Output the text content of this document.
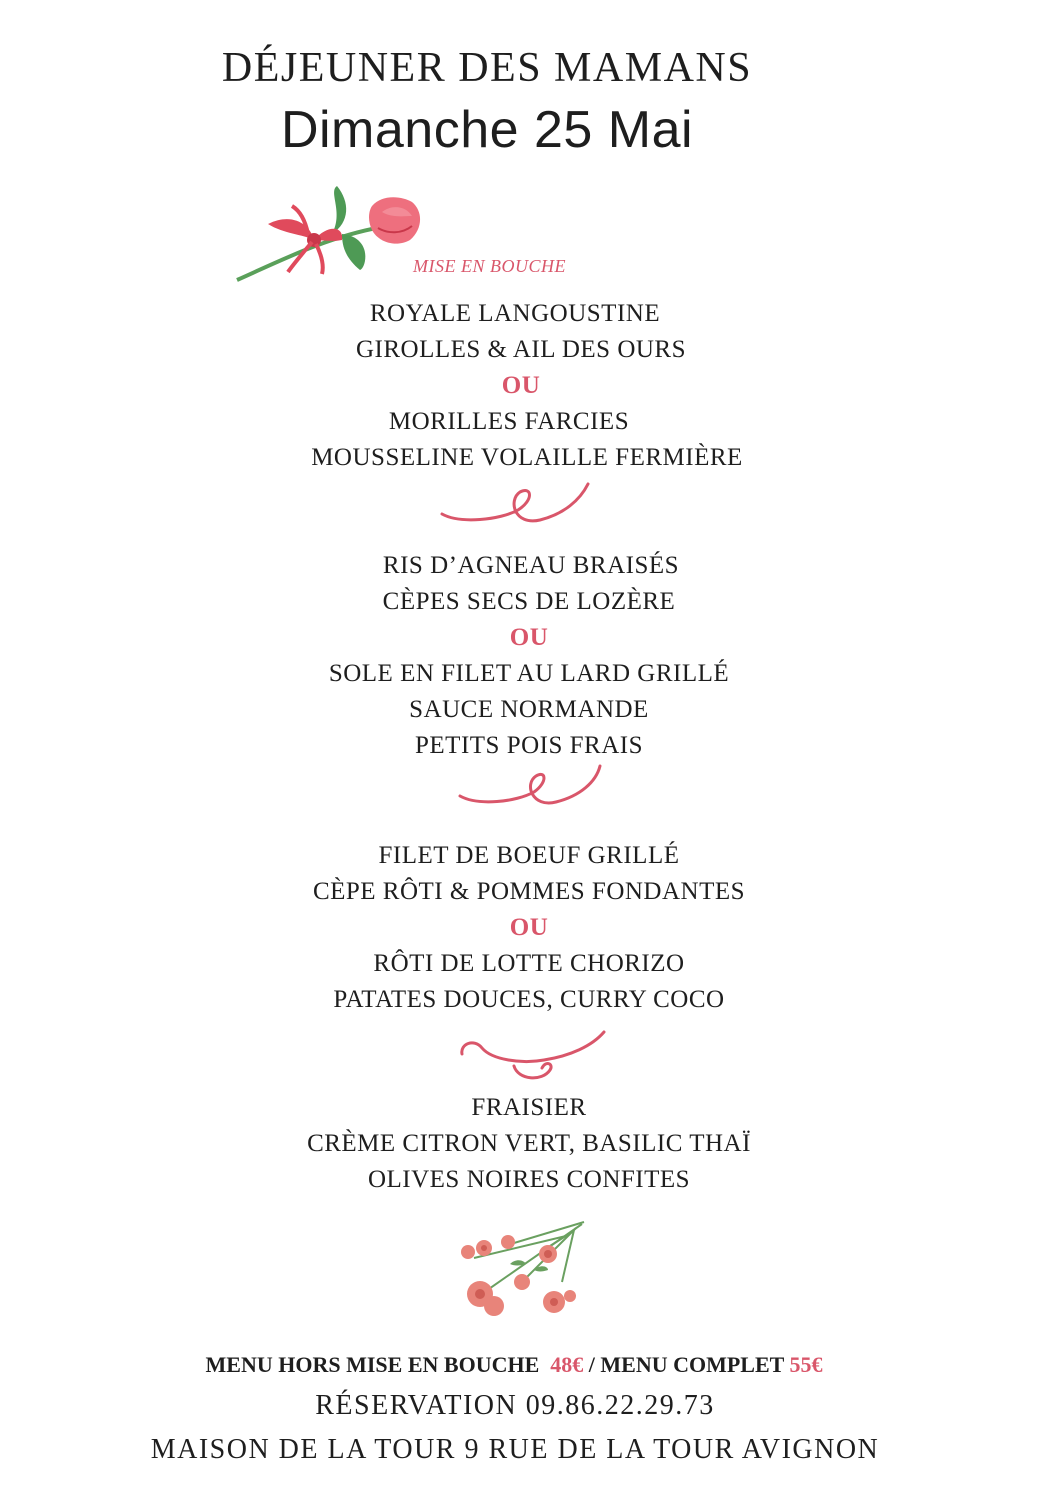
DÉJEUNER DES MAMANS
Dimanche 25 Mai
MISE EN BOUCHE
ROYALE LANGOUSTINE
GIROLLES & AIL DES OURS
OU
MORILLES FARCIES
MOUSSELINE VOLAILLE FERMIÈRE
RIS D’AGNEAU BRAISÉS
CÈPES SECS DE LOZÈRE
OU
SOLE EN FILET AU LARD GRILLÉ
SAUCE NORMANDE
PETITS POIS FRAIS
FILET DE BOEUF GRILLÉ
CÈPE RÔTI & POMMES FONDANTES
OU
RÔTI DE LOTTE CHORIZO
PATATES DOUCES, CURRY COCO
FRAISIER
CRÈME CITRON VERT, BASILIC THAÏ
OLIVES NOIRES CONFITES
MENU HORS MISE EN BOUCHE 48€ / MENU COMPLET 55€
RÉSERVATION 09.86.22.29.73
MAISON DE LA TOUR 9 RUE DE LA TOUR AVIGNON
